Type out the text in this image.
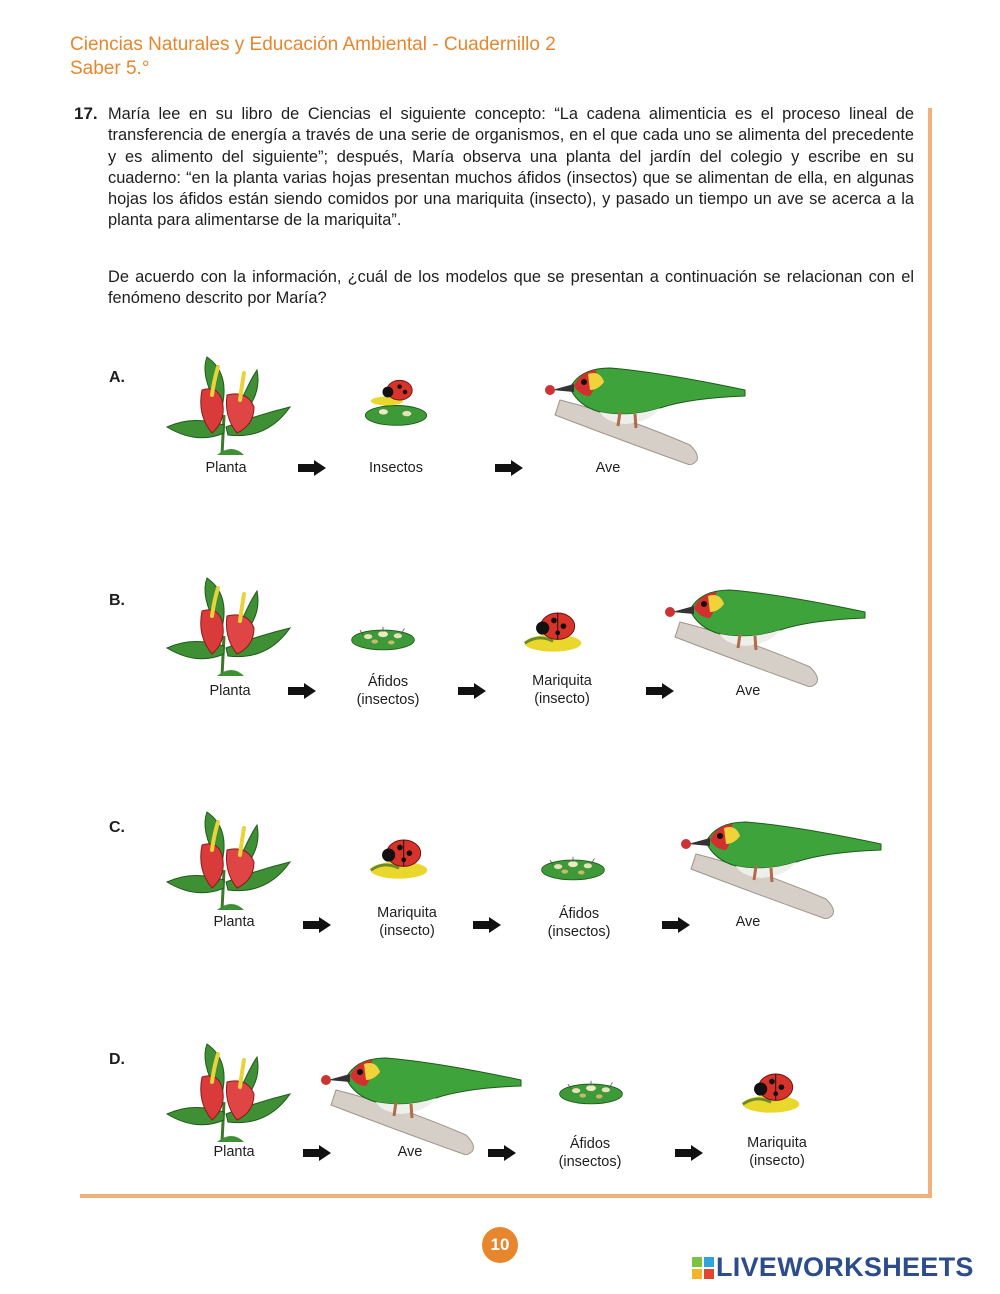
Ciencias Naturales y Educación Ambiental - Cuadernillo 2
Saber 5.°
17. María lee en su libro de Ciencias el siguiente concepto: “La cadena alimenticia es el proceso lineal de transferencia de energía a través de una serie de organismos, en el que cada uno se alimenta del precedente y es alimento del siguiente”; después, María observa una planta del jardín del colegio y escribe en su cuaderno: “en la planta varias hojas presentan muchos áfidos (insectos) que se alimentan de ella, en algunas hojas los áfidos están siendo comidos por una mariquita (insecto), y pasado un tiempo un ave se acerca a la planta para alimentarse de la mariquita”.
De acuerdo con la información, ¿cuál de los modelos que se presentan a continuación se relacionan con el fenómeno descrito por María?
A.
Planta	Insectos	Ave
B.
Planta
Áfidos
(insectos)
Mariquita
(insecto)	Ave
C.
Planta
Mariquita
(insecto)
Áfidos
(insectos)
Ave
D.
Planta	Ave	Áfidos
(insectos)
Mariquita
(insecto)
10
LIVEWORKSHEETS
